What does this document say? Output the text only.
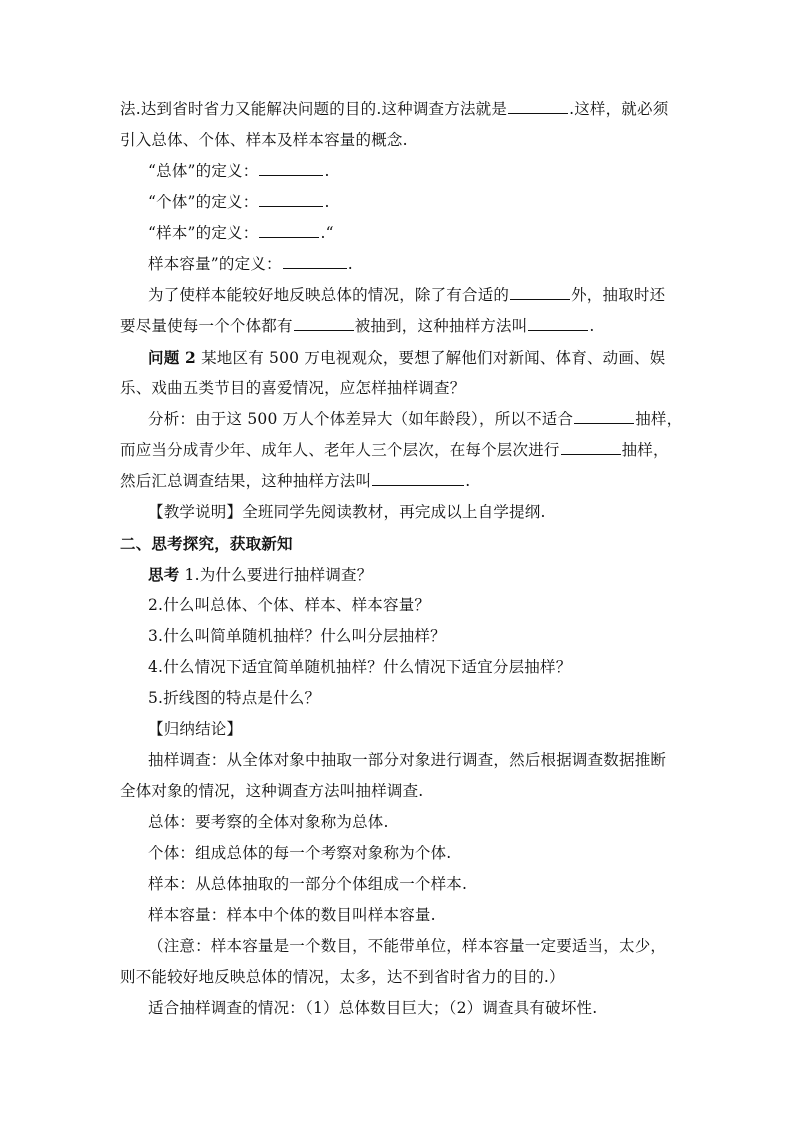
法.达到省时省力又能解决问题的目的.这种调查方法就是	.这样，就必须
引入总体、个体、样本及样本容量的概念.
“总体”的定义：	.
“个体”的定义：	.
“样本”的定义：	.“
样本容量”的定义：	.
为了使样本能较好地反映总体的情况，除了有合适的	外，抽取时还
要尽量使每一个个体都有	被抽到，这种抽样方法叫	.
问题 2 某地区有 500 万电视观众，要想了解他们对新闻、体育、动画、娱
乐、戏曲五类节目的喜爱情况，应怎样抽样调查？
分析：由于这 500 万人个体差异大（如年龄段），所以不适合	抽样，
而应当分成青少年、成年人、老年人三个层次，在每个层次进行	抽样，
然后汇总调查结果，这种抽样方法叫	.
【教学说明】全班同学先阅读教材，再完成以上自学提纲.
二、思考探究，获取新知
思考 1.为什么要进行抽样调查？
2.什么叫总体、个体、样本、样本容量？
3.什么叫简单随机抽样？什么叫分层抽样？
4.什么情况下适宜简单随机抽样？什么情况下适宜分层抽样？
5.折线图的特点是什么？
【归纳结论】
抽样调查：从全体对象中抽取一部分对象进行调查，然后根据调查数据推断
全体对象的情况，这种调查方法叫抽样调查.
总体：要考察的全体对象称为总体.
个体：组成总体的每一个考察对象称为个体.
样本：从总体抽取的一部分个体组成一个样本.
样本容量：样本中个体的数目叫样本容量.
（注意：样本容量是一个数目，不能带单位，样本容量一定要适当，太少，
则不能较好地反映总体的情况，太多，达不到省时省力的目的.）
适合抽样调查的情况：（1）总体数目巨大；（2）调查具有破坏性.
